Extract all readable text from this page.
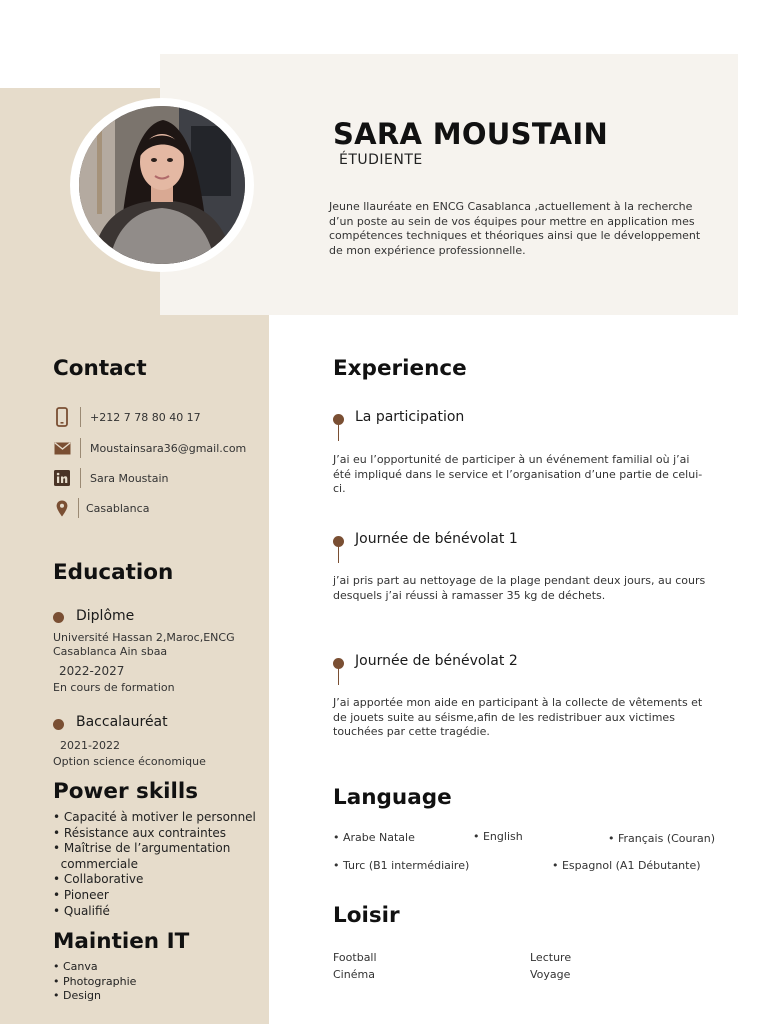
SARA MOUSTAIN
ÉTUDIENTE
Jeune llauréate en ENCG Casablanca ,actuellement à la recherche d’un poste au sein de vos équipes pour mettre en application mes compétences techniques et théoriques ainsi que le développement de mon expérience professionnelle.
Contact
+212 7 78 80 40 17
Moustainsara36@gmail.com
Sara Moustain
Casablanca
Education
Diplôme
Université Hassan 2,Maroc,ENCG
Casablanca Ain sbaa
2022-2027
En cours de formation
Baccalauréat
2021-2022
Option science économique
Power skills
• Capacité à motiver le personnel
• Résistance aux contraintes
• Maîtrise de l’argumentation
commerciale
• Collaborative
• Pioneer
• Qualifié
Maintien IT
• Canva
• Photographie
• Design
Experience
La participation
J’ai eu l’opportunité de participer à un événement familial où j’ai été impliqué dans le service et l’organisation d’une partie de celui-ci.
Journée de bénévolat 1
j’ai pris part au nettoyage de la plage pendant deux jours, au cours desquels j’ai réussi à ramasser 35 kg de déchets.
Journée de bénévolat 2
J’ai apportée mon aide en participant à la collecte de vêtements et de jouets suite au séisme,afin de les redistribuer aux victimes touchées par cette tragédie.
Language
• Arabe Natale	• English	• Français (Couran)
• Turc (B1 intermédiaire)	• Espagnol (A1 Débutante)
Loisir
Football	Lecture
Cinéma	Voyage
